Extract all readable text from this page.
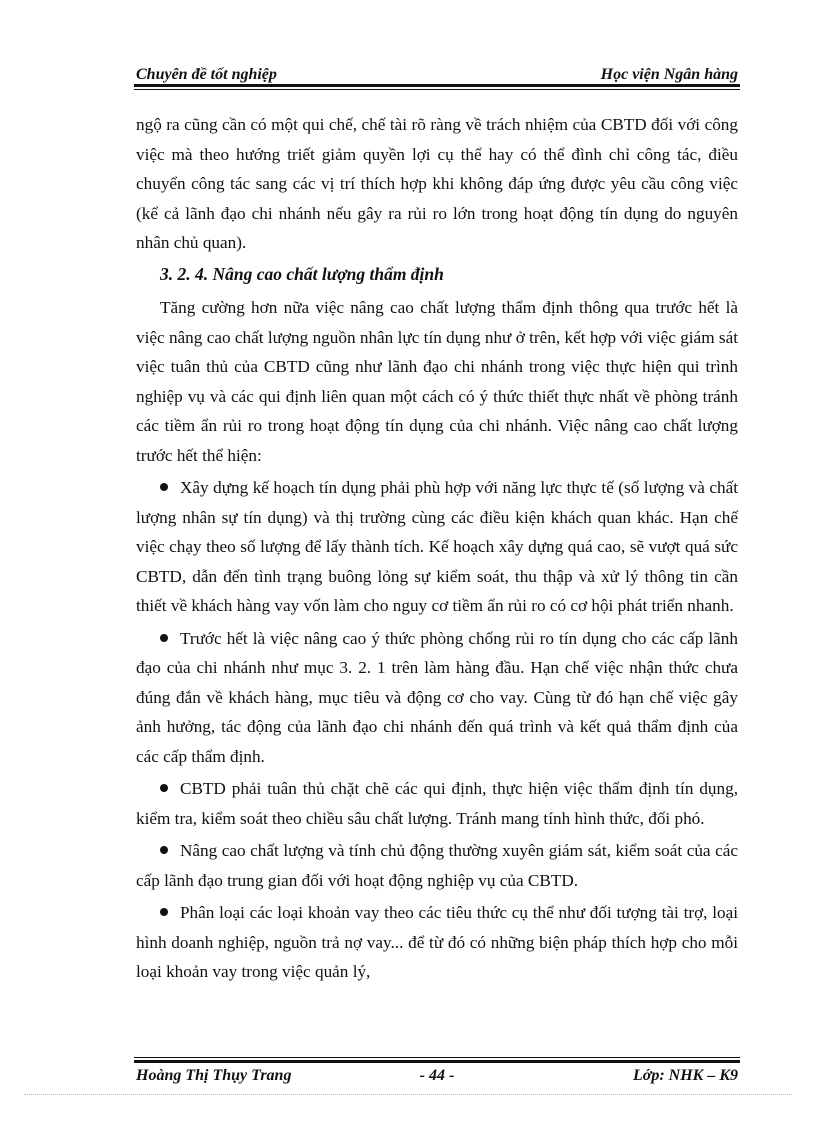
Chuyên đề tốt nghiệp	Học viện Ngân hàng

ngộ ra cũng cần có một qui chế, chế tài rõ ràng về trách nhiệm của CBTD đối với công việc mà theo hướng triết giảm quyền lợi cụ thể hay có thể đình chỉ công tác, điều chuyển công tác sang các vị trí thích hợp khi không đáp ứng được yêu cầu công việc (kể cả lãnh đạo chi nhánh nếu gây ra rủi ro lớn trong hoạt động tín dụng do nguyên nhân chủ quan).

3. 2. 4. Nâng cao chất lượng thẩm định

Tăng cường hơn nữa việc nâng cao chất lượng thẩm định thông qua trước hết là việc nâng cao chất lượng nguồn nhân lực tín dụng như ở trên, kết hợp với việc giám sát việc tuân thủ của CBTD cũng như lãnh đạo chi nhánh trong việc thực hiện qui trình nghiệp vụ và các qui định liên quan một cách có ý thức thiết thực nhất về phòng tránh các tiềm ẩn rủi ro trong hoạt động tín dụng của chi nhánh. Việc nâng cao chất lượng trước hết thể hiện:

Xây dựng kế hoạch tín dụng phải phù hợp với năng lực thực tế (số lượng và chất lượng nhân sự tín dụng) và thị trường cùng các điều kiện khách quan khác. Hạn chế việc chạy theo số lượng để lấy thành tích. Kế hoạch xây dựng quá cao, sẽ vượt quá sức CBTD, dẫn đến tình trạng buông lỏng sự kiểm soát, thu thập và xử lý thông tin cần thiết về khách hàng vay vốn làm cho nguy cơ tiềm ẩn rủi ro có cơ hội phát triển nhanh.

Trước hết là việc nâng cao ý thức phòng chống rủi ro tín dụng cho các cấp lãnh đạo của chi nhánh như mục 3. 2. 1 trên làm hàng đầu. Hạn chế việc nhận thức chưa đúng đắn về khách hàng, mục tiêu và động cơ cho vay. Cùng từ đó hạn chế việc gây ảnh hưởng, tác động của lãnh đạo chi nhánh đến quá trình và kết quả thẩm định của các cấp thẩm định.

CBTD phải tuân thủ chặt chẽ các qui định, thực hiện việc thẩm định tín dụng, kiểm tra, kiểm soát theo chiều sâu chất lượng. Tránh mang tính hình thức, đối phó.

Nâng cao chất lượng và tính chủ động thường xuyên giám sát, kiểm soát của các cấp lãnh đạo trung gian đối với hoạt động nghiệp vụ của CBTD.

Phân loại các loại khoản vay theo các tiêu thức cụ thể như đối tượng tài trợ, loại hình doanh nghiệp, nguồn trả nợ vay... để từ đó có những biện pháp thích hợp cho mỗi loại khoản vay trong việc quản lý,

Hoàng Thị Thụy Trang	- 44 -	Lớp: NHK – K9
